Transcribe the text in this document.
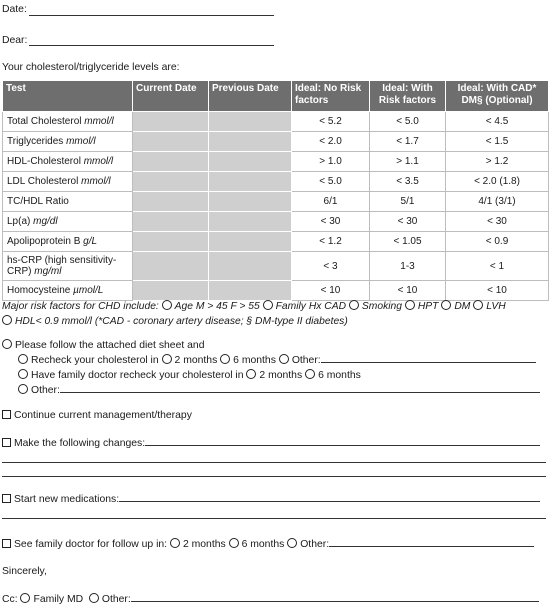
Date:
Dear:
Your cholesterol/triglyceride levels are:
Test	Current Date	Previous Date	Ideal: No Risk factors	Ideal: With Risk factors	Ideal: With CAD* DM§ (Optional)
Total Cholesterol mmol/l			< 5.2	< 5.0	< 4.5
Triglycerides mmol/l			< 2.0	< 1.7	< 1.5
HDL-Cholesterol mmol/l			> 1.0	> 1.1	> 1.2
LDL Cholesterol mmol/l			< 5.0	< 3.5	< 2.0 (1.8)
TC/HDL Ratio			6/1	5/1	4/1 (3/1)
Lp(a) mg/dl			< 30	< 30	< 30
Apolipoprotein B g/L			< 1.2	< 1.05	< 0.9
hs-CRP (high sensitivity-CRP) mg/ml			< 3	1-3	< 1
Homocysteine µmol/L			< 10	< 10	< 10
Major risk factors for CHD include: Age M > 45 F > 55 Family Hx CAD Smoking HPT DM LVH
HDL< 0.9 mmol/l (*CAD - coronary artery disease; § DM-type II diabetes)
Please follow the attached diet sheet and
Recheck your cholesterol in 2 months 6 months Other:
Have family doctor recheck your cholesterol in 2 months 6 months
Other:
Continue current management/therapy
Make the following changes:
Start new medications:
See family doctor for follow up in: 2 months 6 months Other:
Sincerely,
Cc: Family MD Other:
